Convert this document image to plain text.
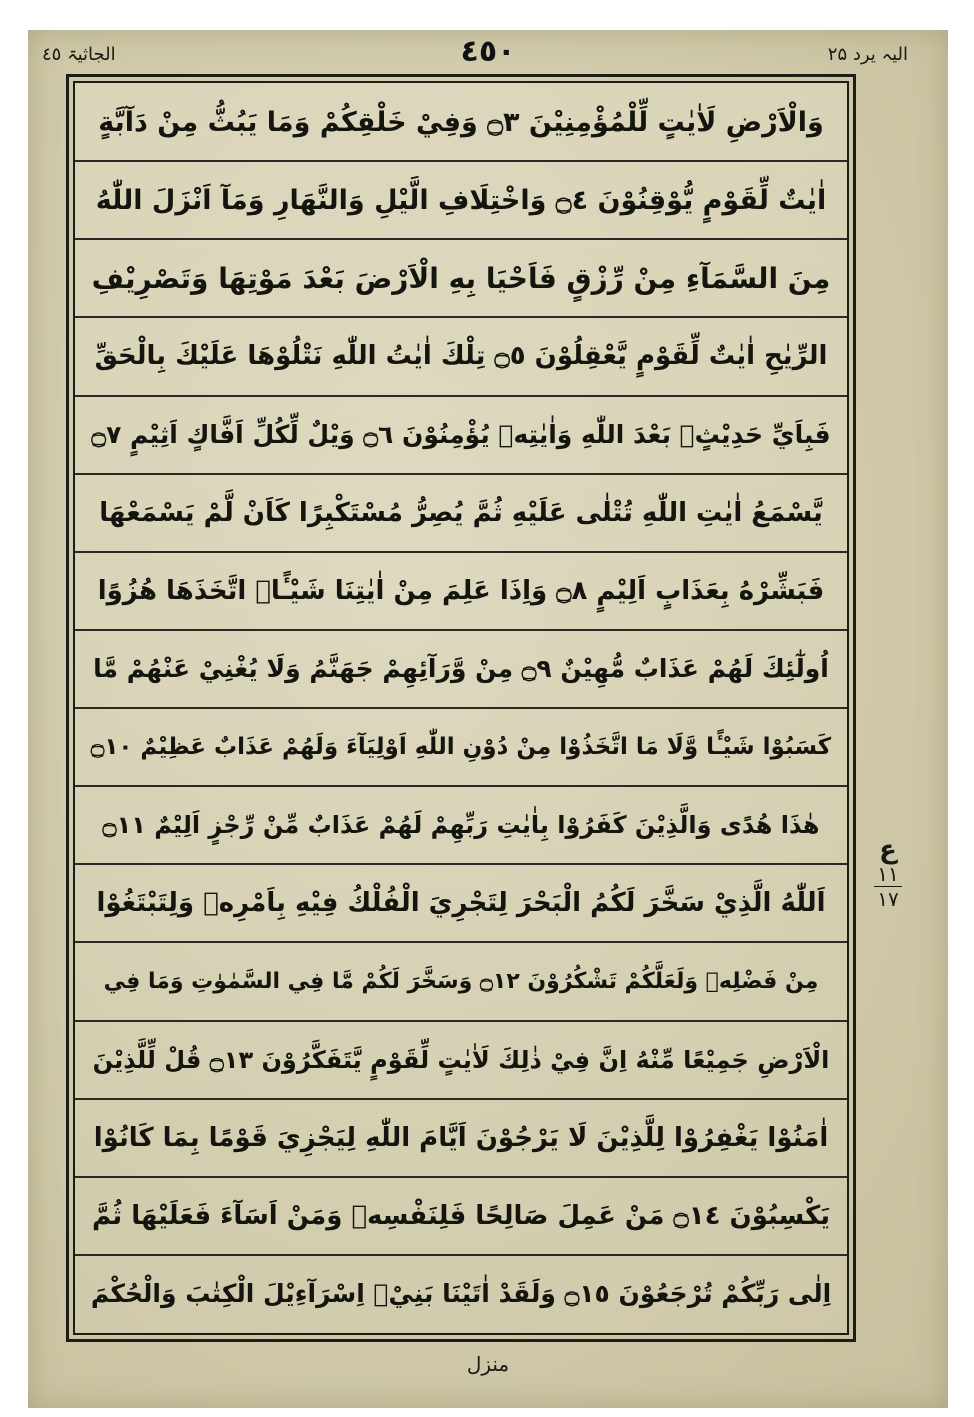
الجاثیۃ ٤٥	٤٥٠	الیہ یرد ۲۵
وَالْاَرْضِ لَاٰيٰتٍ لِّلْمُؤْمِنِيْنَ ۝٣ وَفِيْ خَلْقِكُمْ وَمَا يَبُثُّ مِنْ دَآبَّةٍ
اٰيٰتٌ لِّقَوْمٍ يُّوْقِنُوْنَ ۝٤ وَاخْتِلَافِ الَّيْلِ وَالنَّهَارِ وَمَآ اَنْزَلَ اللّٰهُ
مِنَ السَّمَآءِ مِنْ رِّزْقٍ فَاَحْيَا بِهِ الْاَرْضَ بَعْدَ مَوْتِهَا وَتَصْرِيْفِ
الرِّيٰحِ اٰيٰتٌ لِّقَوْمٍ يَّعْقِلُوْنَ ۝٥ تِلْكَ اٰيٰتُ اللّٰهِ نَتْلُوْهَا عَلَيْكَ بِالْحَقِّ
فَبِاَيِّ حَدِيْثٍۢ بَعْدَ اللّٰهِ وَاٰيٰتِهٖ يُؤْمِنُوْنَ ۝٦ وَيْلٌ لِّكُلِّ اَفَّاكٍ اَثِيْمٍ ۝٧
يَّسْمَعُ اٰيٰتِ اللّٰهِ تُتْلٰى عَلَيْهِ ثُمَّ يُصِرُّ مُسْتَكْبِرًا كَاَنْ لَّمْ يَسْمَعْهَا
فَبَشِّرْهُ بِعَذَابٍ اَلِيْمٍ ۝٨ وَاِذَا عَلِمَ مِنْ اٰيٰتِنَا شَيْـًٔاۨ اتَّخَذَهَا هُزُوًا
اُولٰٓئِكَ لَهُمْ عَذَابٌ مُّهِيْنٌ ۝٩ مِنْ وَّرَآئِهِمْ جَهَنَّمُ وَلَا يُغْنِيْ عَنْهُمْ مَّا
كَسَبُوْا شَيْـًٔا وَّلَا مَا اتَّخَذُوْا مِنْ دُوْنِ اللّٰهِ اَوْلِيَآءَ وَلَهُمْ عَذَابٌ عَظِيْمٌ ۝١٠
هٰذَا هُدًى وَالَّذِيْنَ كَفَرُوْا بِاٰيٰتِ رَبِّهِمْ لَهُمْ عَذَابٌ مِّنْ رِّجْزٍ اَلِيْمٌ ۝١١
اَللّٰهُ الَّذِيْ سَخَّرَ لَكُمُ الْبَحْرَ لِتَجْرِيَ الْفُلْكُ فِيْهِ بِاَمْرِهٖ وَلِتَبْتَغُوْا
مِنْ فَضْلِهٖ وَلَعَلَّكُمْ تَشْكُرُوْنَ ۝١٢ وَسَخَّرَ لَكُمْ مَّا فِي السَّمٰوٰتِ وَمَا فِي
الْاَرْضِ جَمِيْعًا مِّنْهُ اِنَّ فِيْ ذٰلِكَ لَاٰيٰتٍ لِّقَوْمٍ يَّتَفَكَّرُوْنَ ۝١٣ قُلْ لِّلَّذِيْنَ
اٰمَنُوْا يَغْفِرُوْا لِلَّذِيْنَ لَا يَرْجُوْنَ اَيَّامَ اللّٰهِ لِيَجْزِيَ قَوْمًا بِمَا كَانُوْا
يَكْسِبُوْنَ ۝١٤ مَنْ عَمِلَ صَالِحًا فَلِنَفْسِهٖ وَمَنْ اَسَآءَ فَعَلَيْهَا ثُمَّ
اِلٰى رَبِّكُمْ تُرْجَعُوْنَ ۝١٥ وَلَقَدْ اٰتَيْنَا بَنِيْۤ اِسْرَآءِيْلَ الْكِتٰبَ وَالْحُكْمَ
ع
١١
١٧
منزل
